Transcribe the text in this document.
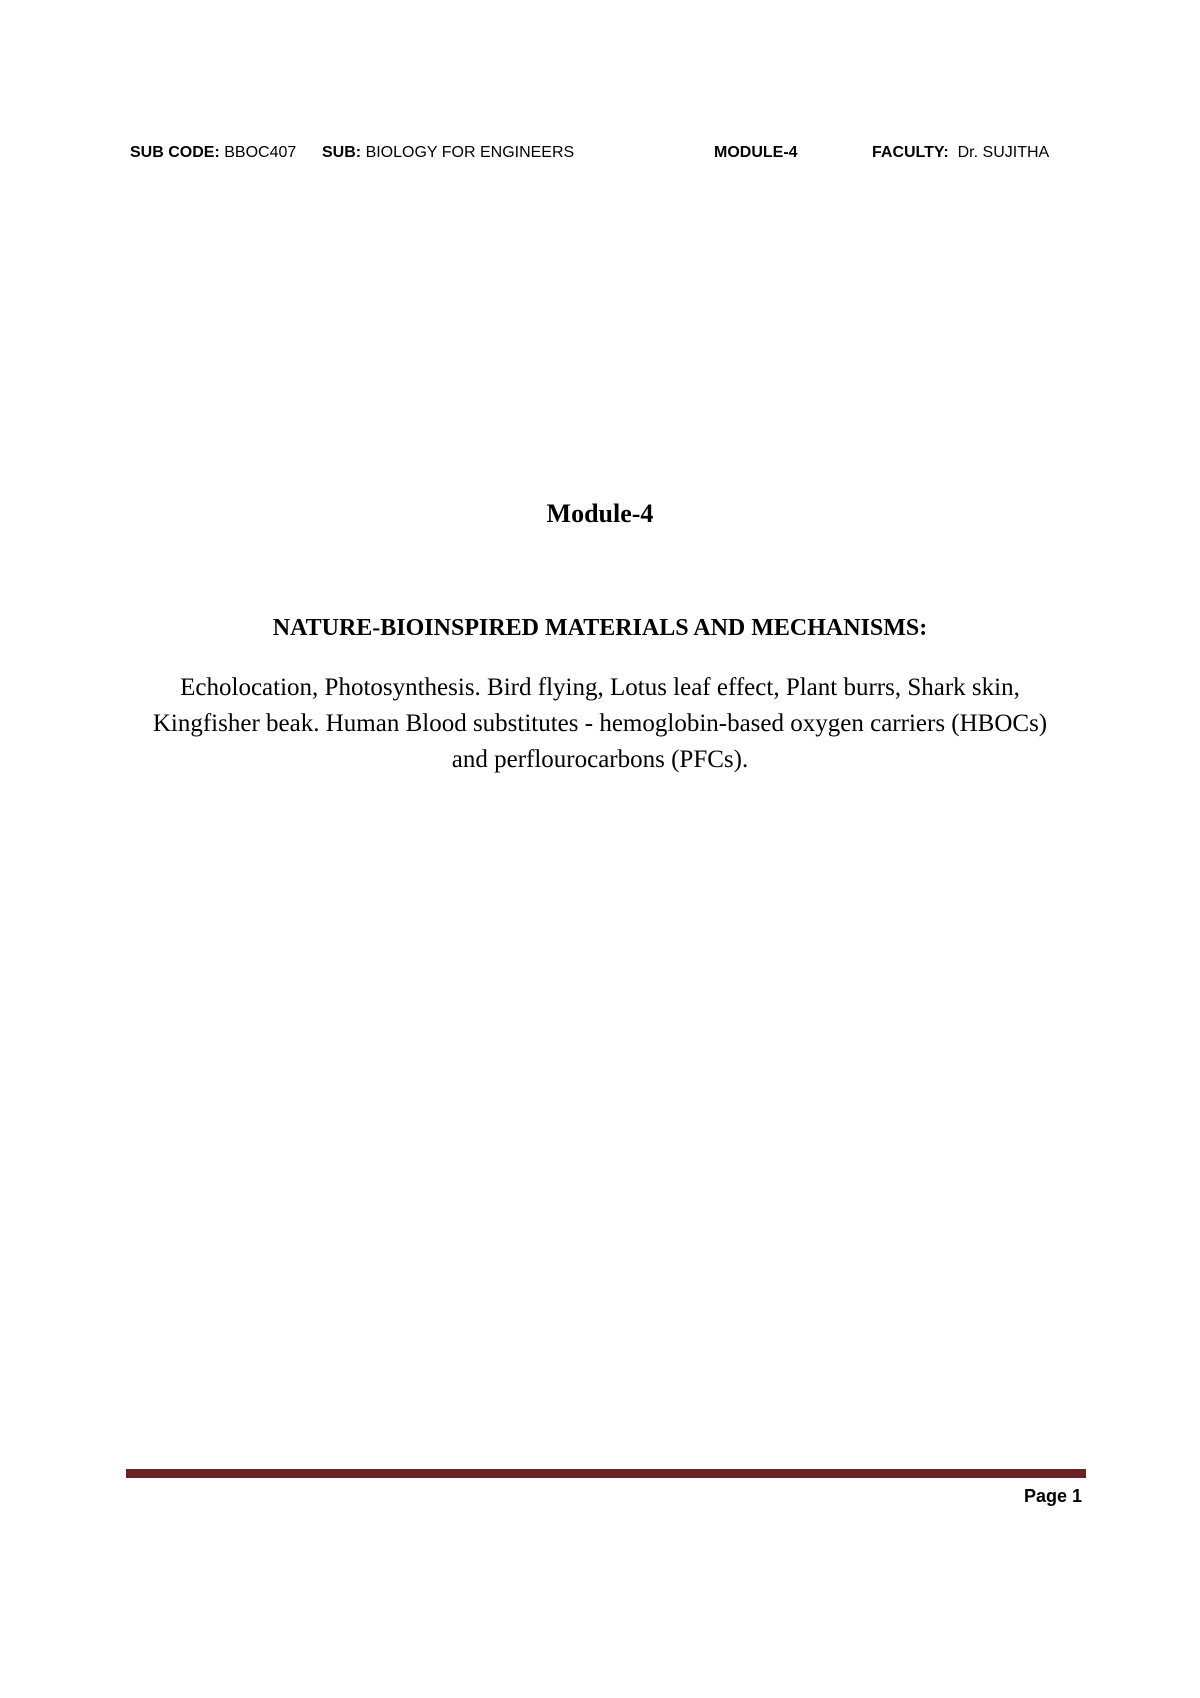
SUB CODE: BBOC407 SUB: BIOLOGY FOR ENGINEERS	MODULE-4	FACULTY: Dr. SUJITHA
Module-4
NATURE-BIOINSPIRED MATERIALS AND MECHANISMS:
Echolocation, Photosynthesis. Bird flying, Lotus leaf effect, Plant burrs, Shark skin, Kingfisher beak. Human Blood substitutes - hemoglobin-based oxygen carriers (HBOCs) and perflourocarbons (PFCs).
Page 1
